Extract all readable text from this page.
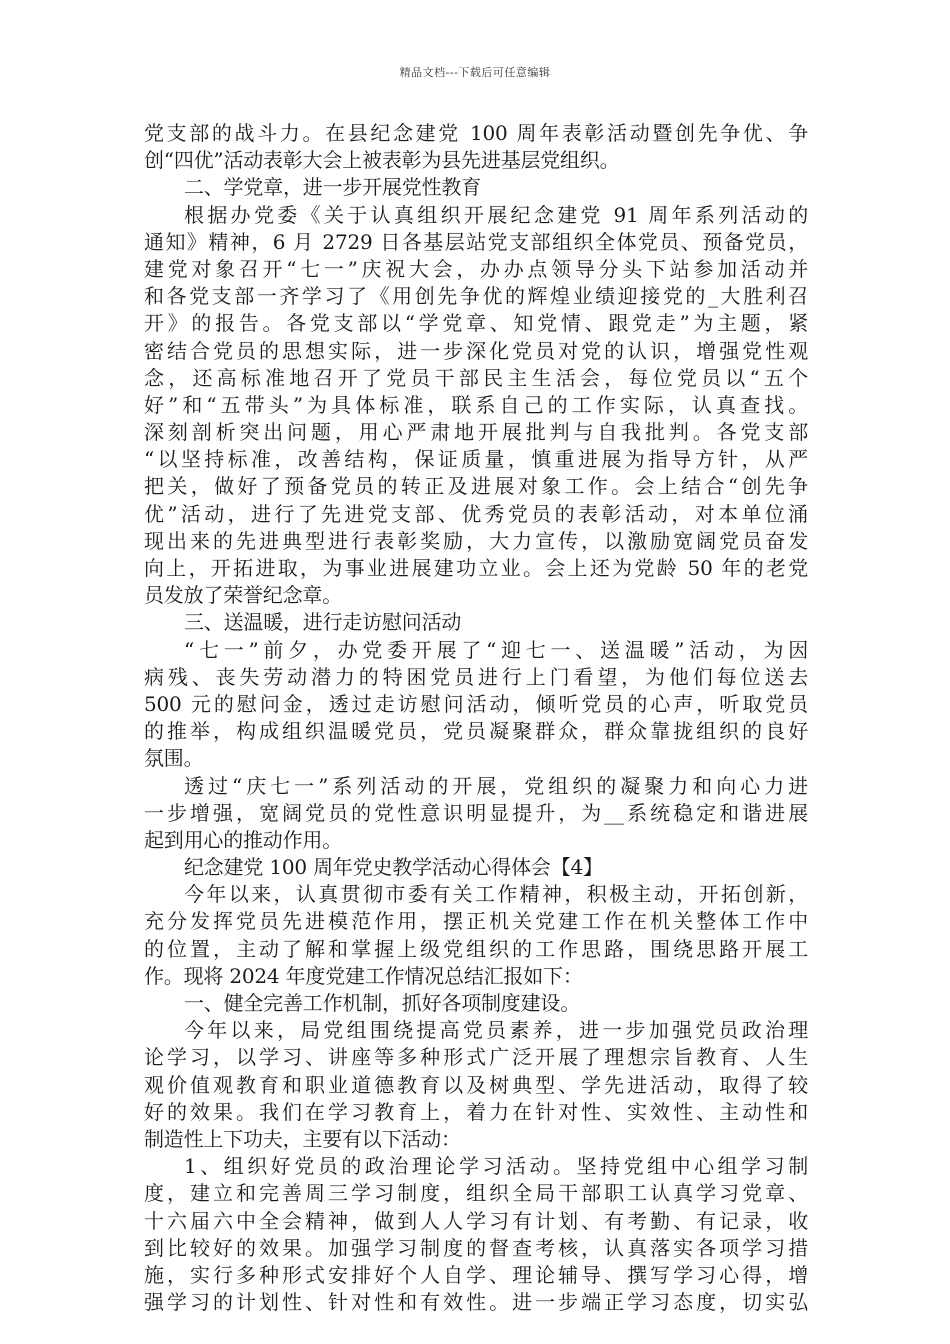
精品文档---下载后可任意编辑
党支部的战斗力。在县纪念建党 100 周年表彰活动暨创先争优、争
创“四优”活动表彰大会上被表彰为县先进基层党组织。
二、学党章，进一步开展党性教育
根据办党委《关于认真组织开展纪念建党 91 周年系列活动的
通知》精神，6 月 2729 日各基层站党支部组织全体党员、预备党员，
建党对象召开“七一”庆祝大会，办办点领导分头下站参加活动并
和各党支部一齐学习了《用创先争优的辉煌业绩迎接党的_大胜利召
开》的报告。各党支部以“学党章、知党情、跟党走”为主题，紧
密结合党员的思想实际，进一步深化党员对党的认识，增强党性观
念，还高标准地召开了党员干部民主生活会，每位党员以“五个
好”和“五带头”为具体标准，联系自己的工作实际，认真查找。
深刻剖析突出问题，用心严肃地开展批判与自我批判。各党支部
“以坚持标准，改善结构，保证质量，慎重进展为指导方针，从严
把关，做好了预备党员的转正及进展对象工作。会上结合“创先争
优”活动，进行了先进党支部、优秀党员的表彰活动，对本单位涌
现出来的先进典型进行表彰奖励，大力宣传，以激励宽阔党员奋发
向上，开拓进取，为事业进展建功立业。会上还为党龄 50 年的老党
员发放了荣誉纪念章。
三、送温暖，进行走访慰问活动
“七一”前夕，办党委开展了“迎七一、送温暖”活动，为因
病残、丧失劳动潜力的特困党员进行上门看望，为他们每位送去
500 元的慰问金，透过走访慰问活动，倾听党员的心声，听取党员
的推举，构成组织温暖党员，党员凝聚群众，群众靠拢组织的良好
氛围。
透过“庆七一”系列活动的开展，党组织的凝聚力和向心力进
一步增强，宽阔党员的党性意识明显提升，为__系统稳定和谐进展
起到用心的推动作用。
纪念建党 100 周年党史教学活动心得体会【4】
今年以来，认真贯彻市委有关工作精神，积极主动，开拓创新，
充分发挥党员先进模范作用，摆正机关党建工作在机关整体工作中
的位置，主动了解和掌握上级党组织的工作思路，围绕思路开展工
作。现将 2024 年度党建工作情况总结汇报如下：
一、健全完善工作机制，抓好各项制度建设。
今年以来，局党组围绕提高党员素养，进一步加强党员政治理
论学习，以学习、讲座等多种形式广泛开展了理想宗旨教育、人生
观价值观教育和职业道德教育以及树典型、学先进活动，取得了较
好的效果。我们在学习教育上，着力在针对性、实效性、主动性和
制造性上下功夫，主要有以下活动：
1、组织好党员的政治理论学习活动。坚持党组中心组学习制
度，建立和完善周三学习制度，组织全局干部职工认真学习党章、
十六届六中全会精神，做到人人学习有计划、有考勤、有记录，收
到比较好的效果。加强学习制度的督查考核，认真落实各项学习措
施，实行多种形式安排好个人自学、理论辅导、撰写学习心得，增
强学习的计划性、针对性和有效性。进一步端正学习态度，切实弘
